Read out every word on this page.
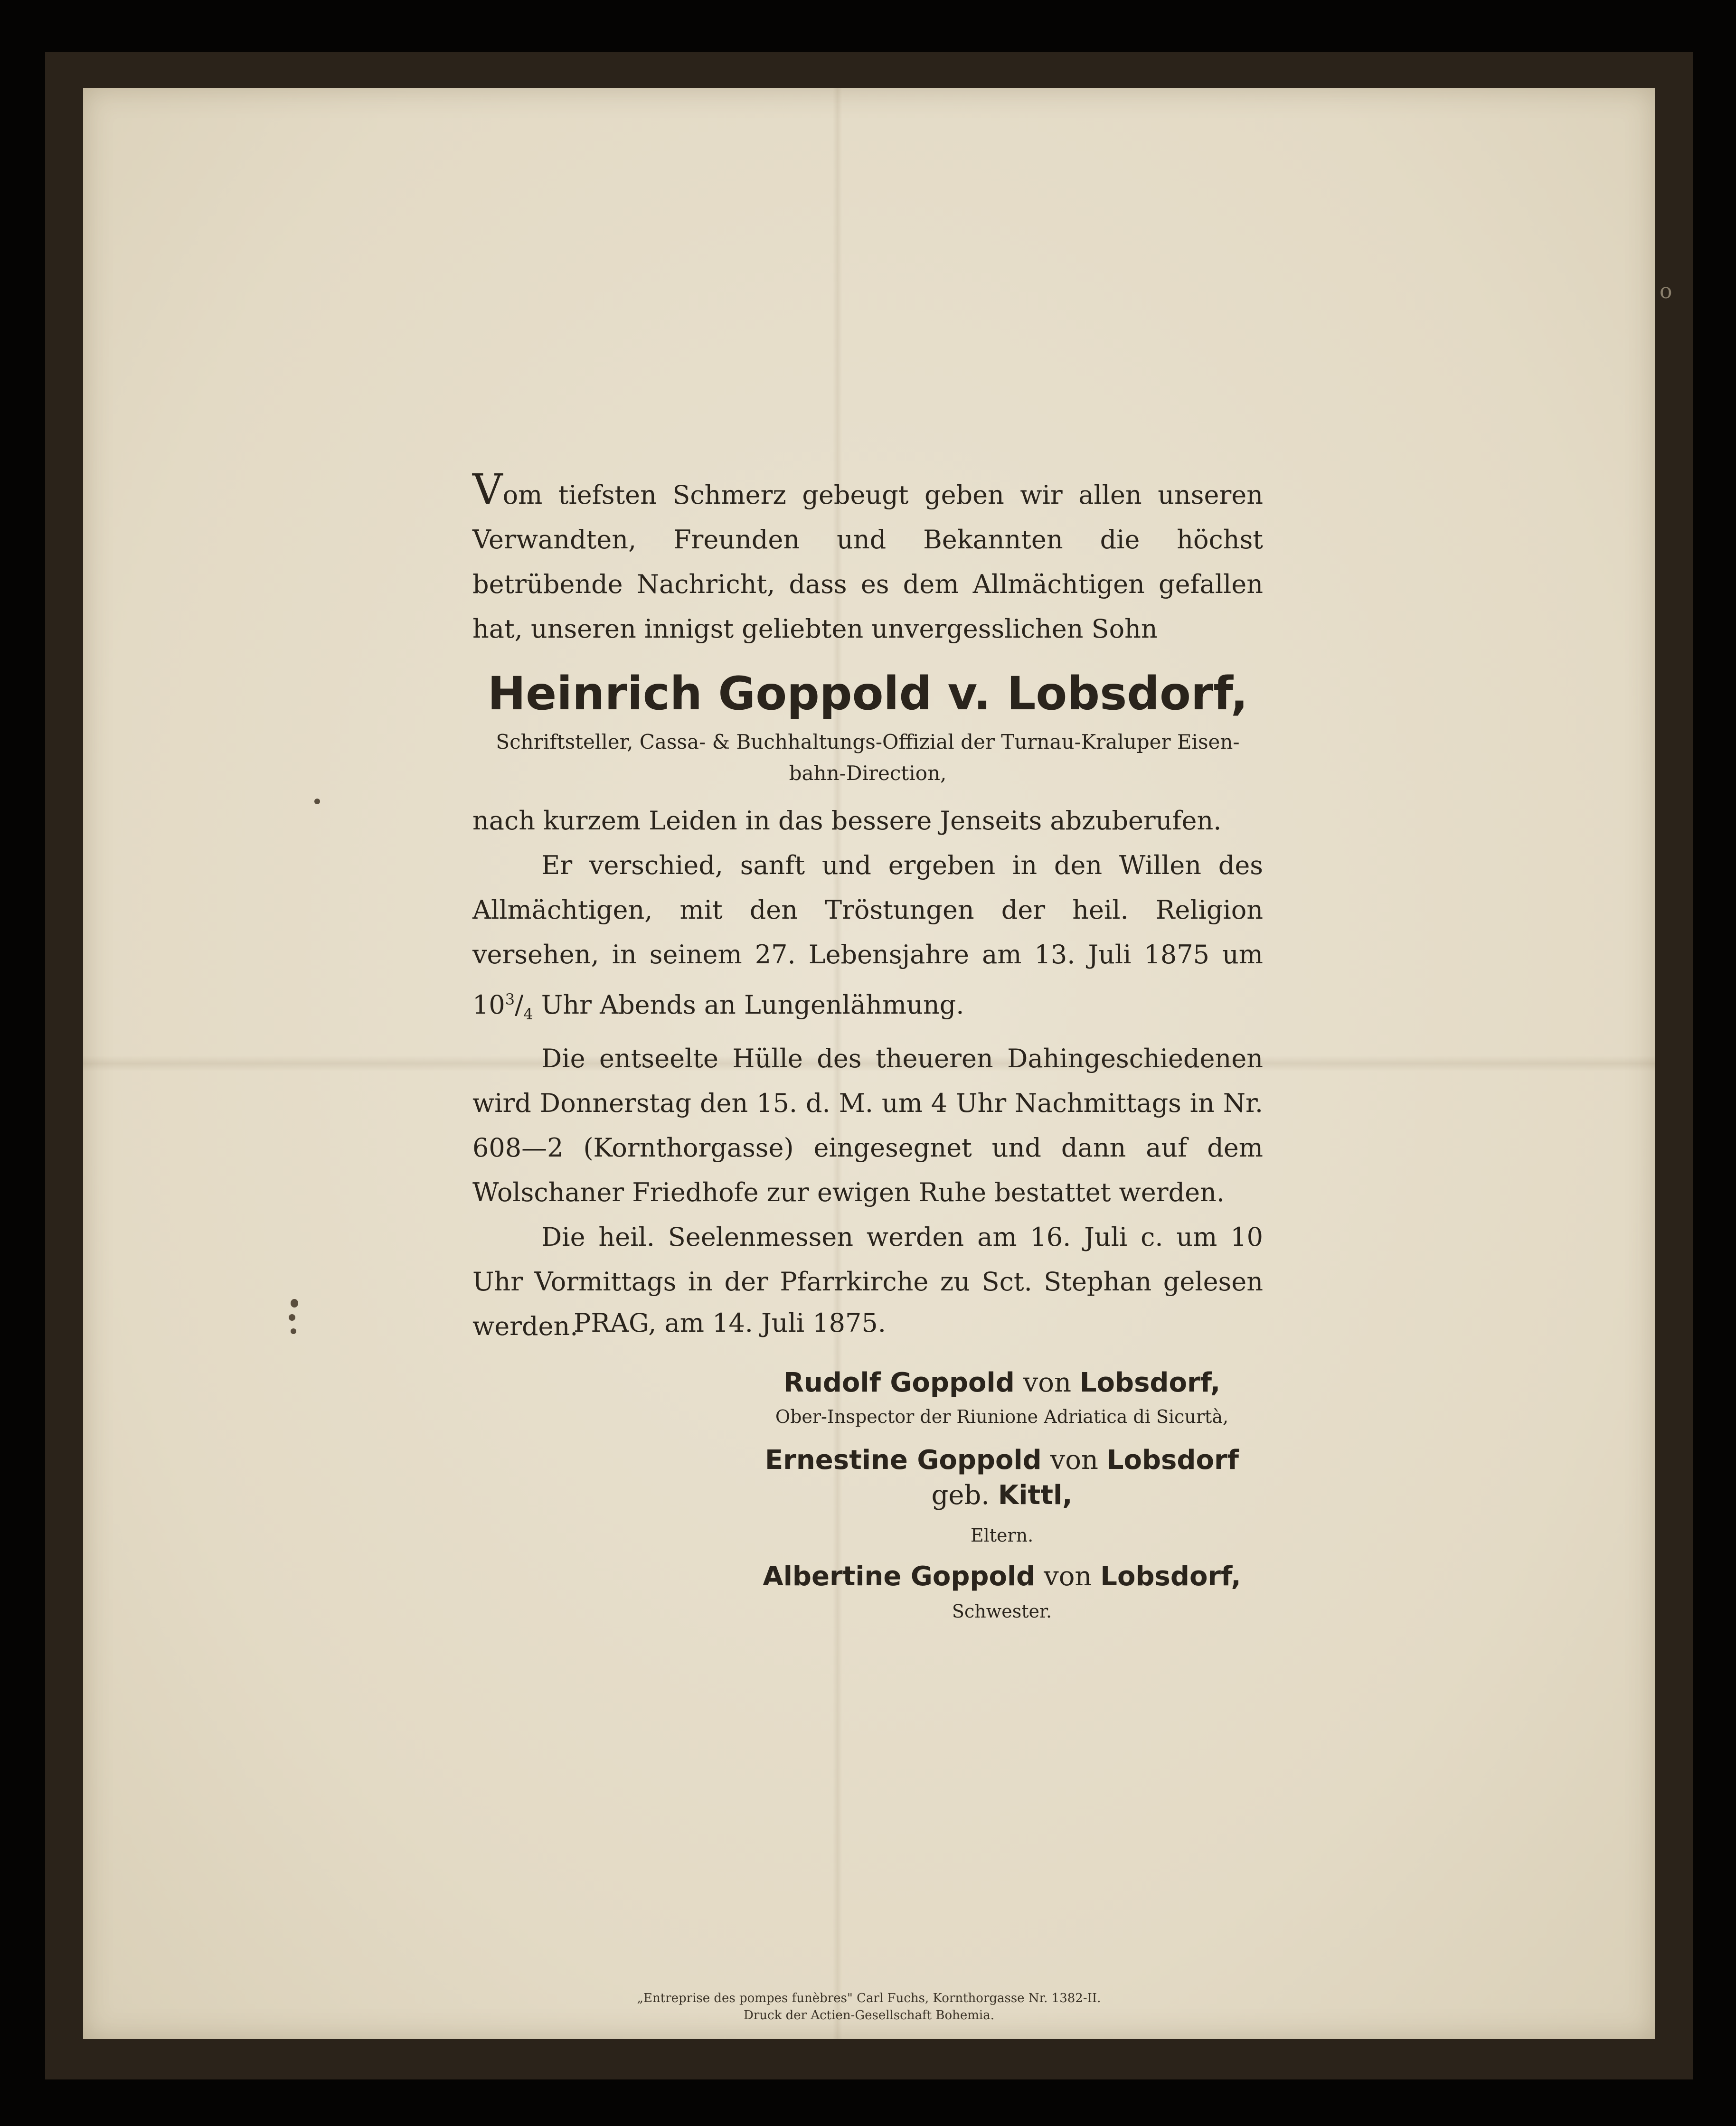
o

Vom tiefsten Schmerz gebeugt geben wir allen unseren Verwandten, Freunden und Bekannten die höchst betrübende Nachricht, dass es dem Allmächtigen gefallen hat, unseren innigst geliebten unvergesslichen Sohn

Heinrich Goppold v. Lobsdorf,
Schriftsteller, Cassa- & Buchhaltungs-Offizial der Turnau-Kraluper Eisen-
bahn-Direction,

nach kurzem Leiden in das bessere Jenseits abzuberufen.

Er verschied, sanft und ergeben in den Willen des Allmächtigen, mit den Tröstungen der heil. Religion versehen, in seinem 27. Lebensjahre am 13. Juli 1875 um $10^3/_4$ Uhr Abends an Lungenlähmung.

Die entseelte Hülle des theueren Dahingeschiedenen wird Donnerstag den 15. d. M. um 4 Uhr Nachmittags in Nr. 608—2 (Kornthorgasse) eingesegnet und dann auf dem Wolschaner Friedhofe zur ewigen Ruhe bestattet werden.

Die heil. Seelenmessen werden am 16. Juli c. um 10 Uhr Vormittags in der Pfarrkirche zu Sct. Stephan gelesen werden.

PRAG, am 14. Juli 1875.
Rudolf Goppold von Lobsdorf,
Ober-Inspector der Riunione Adriatica di Sicurtà,
Ernestine Goppold von Lobsdorf
geb. Kittl,
Eltern.
Albertine Goppold von Lobsdorf,
Schwester.
„Entreprise des pompes funèbres" Carl Fuchs, Kornthorgasse Nr. 1382-II.
Druck der Actien-Gesellschaft Bohemia.
